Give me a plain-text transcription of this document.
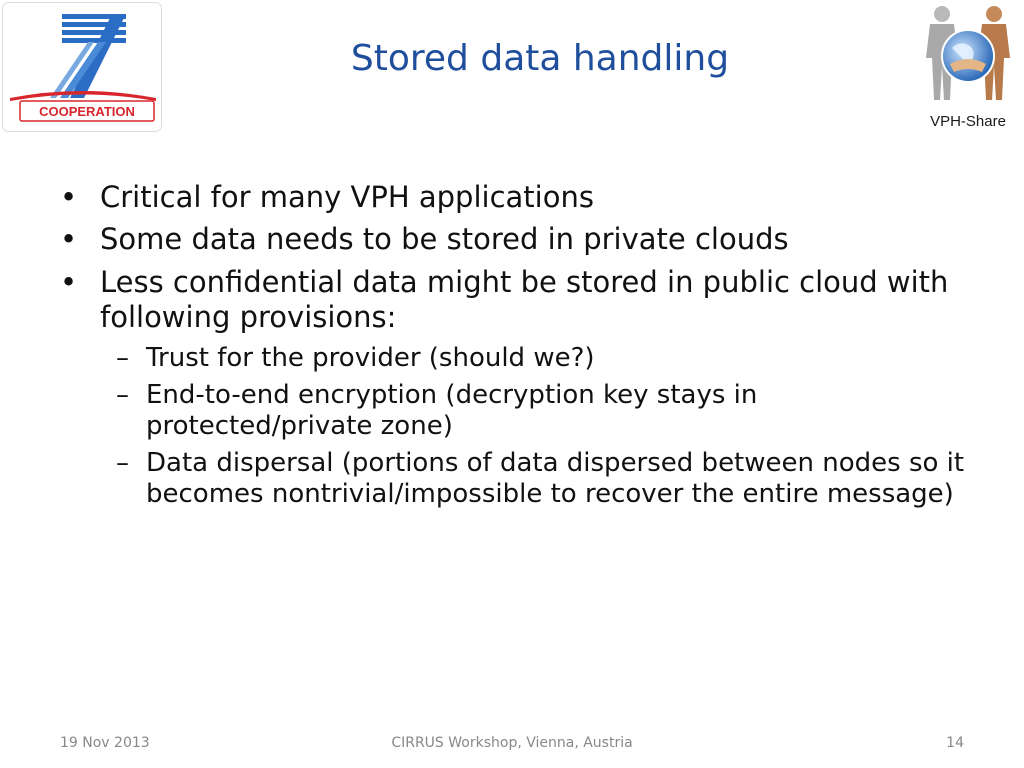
COOPERATION
VPH-Share
Stored data handling
• Critical for many VPH applications
• Some data needs to be stored in private clouds
• Less confidential data might be stored in public cloud with following provisions:
– Trust for the provider (should we?)
– End-to-end encryption (decryption key stays in protected/private zone)
– Data dispersal (portions of data dispersed between nodes so it becomes nontrivial/impossible to recover the entire message)
19 Nov 2013	CIRRUS Workshop, Vienna, Austria	14
